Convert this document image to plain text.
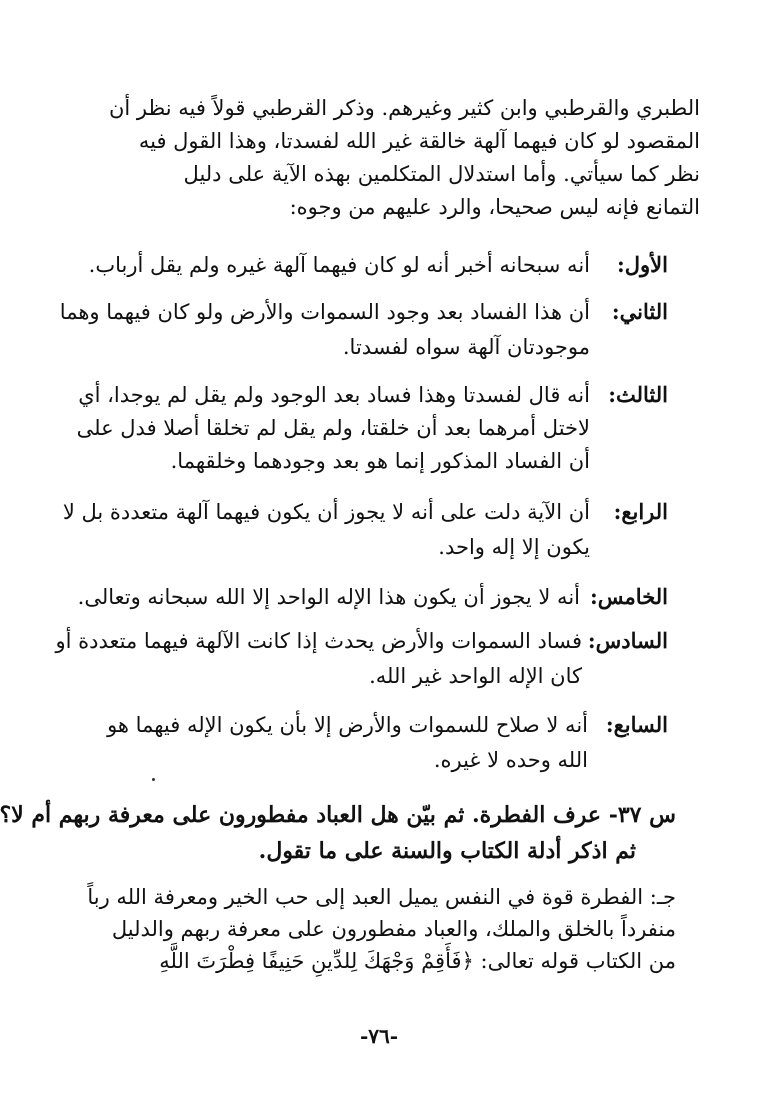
الطبري والقرطبي وابن كثير وغيرهم. وذكر القرطبي قولاً فيه نظر أن
المقصود لو كان فيهما آلهة خالقة غير الله لفسدتا، وهذا القول فيه
نظر كما سيأتي. وأما استدلال المتكلمين بهذه الآية على دليل
التمانع فإنه ليس صحيحا، والرد عليهم من وجوه:
الأول:
أنه سبحانه أخبر أنه لو كان فيهما آلهة غيره ولم يقل أرباب.
الثاني:
أن هذا الفساد بعد وجود السموات والأرض ولو كان فيهما وهما
موجودتان آلهة سواه لفسدتا.
الثالث:
أنه قال لفسدتا وهذا فساد بعد الوجود ولم يقل لم يوجدا، أي
لاختل أمرهما بعد أن خلقتا، ولم يقل لم تخلقا أصلا فدل على
أن الفساد المذكور إنما هو بعد وجودهما وخلقهما.
الرابع:
أن الآية دلت على أنه لا يجوز أن يكون فيهما آلهة متعددة بل لا
يكون إلا إله واحد.
الخامس:
أنه لا يجوز أن يكون هذا الإله الواحد إلا الله سبحانه وتعالى.
السادس:
فساد السموات والأرض يحدث إذا كانت الآلهة فيهما متعددة أو
كان الإله الواحد غير الله.
السابع:
أنه لا صلاح للسموات والأرض إلا بأن يكون الإله فيهما هو
الله وحده لا غيره.
س ٣٧- عرف الفطرة. ثم بيّن هل العباد مفطورون على معرفة ربهم أم لا؟
ثم اذكر أدلة الكتاب والسنة على ما تقول.
جـ: الفطرة قوة في النفس يميل العبد إلى حب الخير ومعرفة الله رباً
منفرداً بالخلق والملك، والعباد مفطورون على معرفة ربهم والدليل
من الكتاب قوله تعالى: ﴿فَأَقِمْ وَجْهَكَ لِلدِّينِ حَنِيفًا فِطْرَتَ اللَّهِ
-٧٦-
